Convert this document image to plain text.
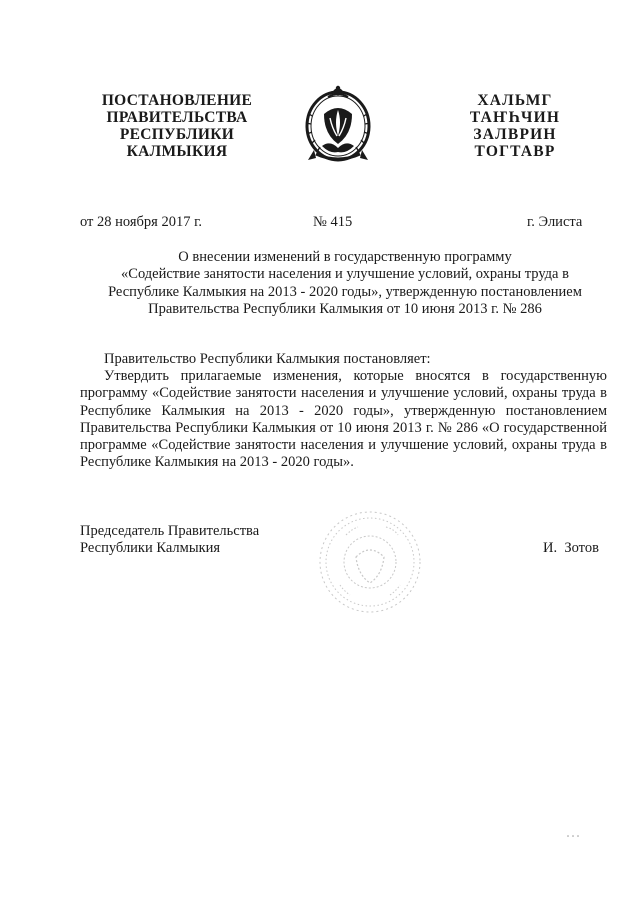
ПОСТАНОВЛЕНИЕ
ПРАВИТЕЛЬСТВА
РЕСПУБЛИКИ
КАЛМЫКИЯ
ХАЛЬМГ
ТАҤҺЧИН
ЗАЛВРИН
ТОГТАВР
от 28 ноября 2017 г.	№ 415	г. Элиста
О внесении изменений в государственную программу
«Содействие занятости населения и улучшение условий, охраны труда в
Республике Калмыкия на 2013 - 2020 годы», утвержденную постановлением
Правительства Республики Калмыкия от 10 июня 2013 г. № 286
Правительство Республики Калмыкия постановляет:
Утвердить прилагаемые изменения, которые вносятся в государственную программу «Содействие занятости населения и улучшение условий, охраны труда в Республике Калмыкия на 2013 - 2020 годы», утвержденную постановлением Правительства Республики Калмыкия от 10 июня 2013 г. № 286 «О государственной программе «Содействие занятости населения и улучшение условий, охраны труда в Республике Калмыкия на 2013 - 2020 годы».
Председатель Правительства
Республики Калмыкия	И.  Зотов
